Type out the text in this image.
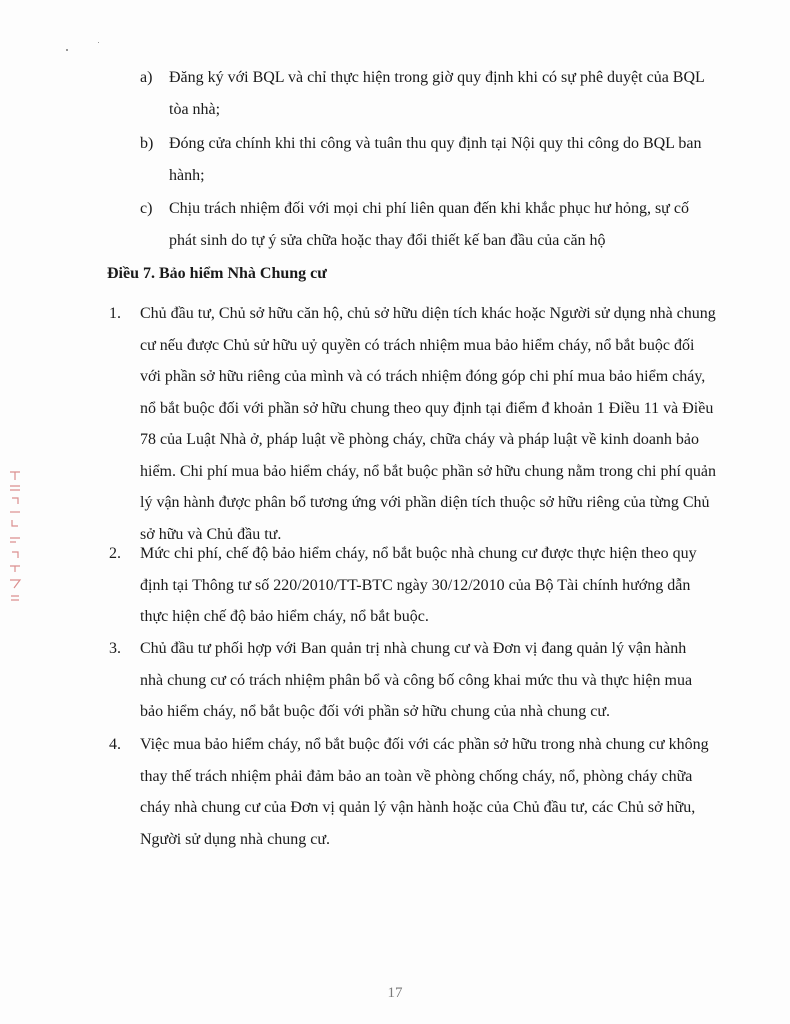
a)	Đăng ký với BQL và chỉ thực hiện trong giờ quy định khi có sự phê duyệt của BQL
tòa nhà;
b) Đóng cửa chính khi thi công và tuân thu quy định tại Nội quy thi công do BQL ban
hành;
c)	Chịu trách nhiệm đối với mọi chi phí liên quan đến khi khắc phục hư hỏng, sự cố
phát sinh do tự ý sửa chữa hoặc thay đổi thiết kế ban đầu của căn hộ
Điều 7. Bảo hiểm Nhà Chung cư
1.	Chủ đầu tư, Chủ sở hữu căn hộ, chủ sở hữu diện tích khác hoặc Người sử dụng nhà chung
cư nếu được Chủ sử hữu uỷ quyền có trách nhiệm mua bảo hiểm cháy, nổ bắt buộc đối
với phần sở hữu riêng của mình và có trách nhiệm đóng góp chi phí mua bảo hiểm cháy,
nổ bắt buộc đối với phần sở hữu chung theo quy định tại điểm đ khoản 1 Điều 11 và Điều
78 của Luật Nhà ở, pháp luật về phòng cháy, chữa cháy và pháp luật về kinh doanh bảo
hiểm. Chi phí mua bảo hiểm cháy, nổ bắt buộc phần sở hữu chung nằm trong chi phí quản
lý vận hành được phân bổ tương ứng với phần diện tích thuộc sở hữu riêng của từng Chủ
sở hữu và Chủ đầu tư.
2.	Mức chi phí, chế độ bảo hiểm cháy, nổ bắt buộc nhà chung cư được thực hiện theo quy
định tại Thông tư số 220/2010/TT-BTC ngày 30/12/2010 của Bộ Tài chính hướng dẫn
thực hiện chế độ bảo hiểm cháy, nổ bắt buộc.
3.	Chủ đầu tư phối hợp với Ban quản trị nhà chung cư và Đơn vị đang quản lý vận hành
nhà chung cư có trách nhiệm phân bổ và công bố công khai mức thu và thực hiện mua
bảo hiểm cháy, nổ bắt buộc đối với phần sở hữu chung của nhà chung cư.
4.	Việc mua bảo hiểm cháy, nổ bắt buộc đối với các phần sở hữu trong nhà chung cư không
thay thế trách nhiệm phải đảm bảo an toàn về phòng chống cháy, nổ, phòng cháy chữa
cháy nhà chung cư của Đơn vị quản lý vận hành hoặc của Chủ đầu tư, các Chủ sở hữu,
Người sử dụng nhà chung cư.
17
